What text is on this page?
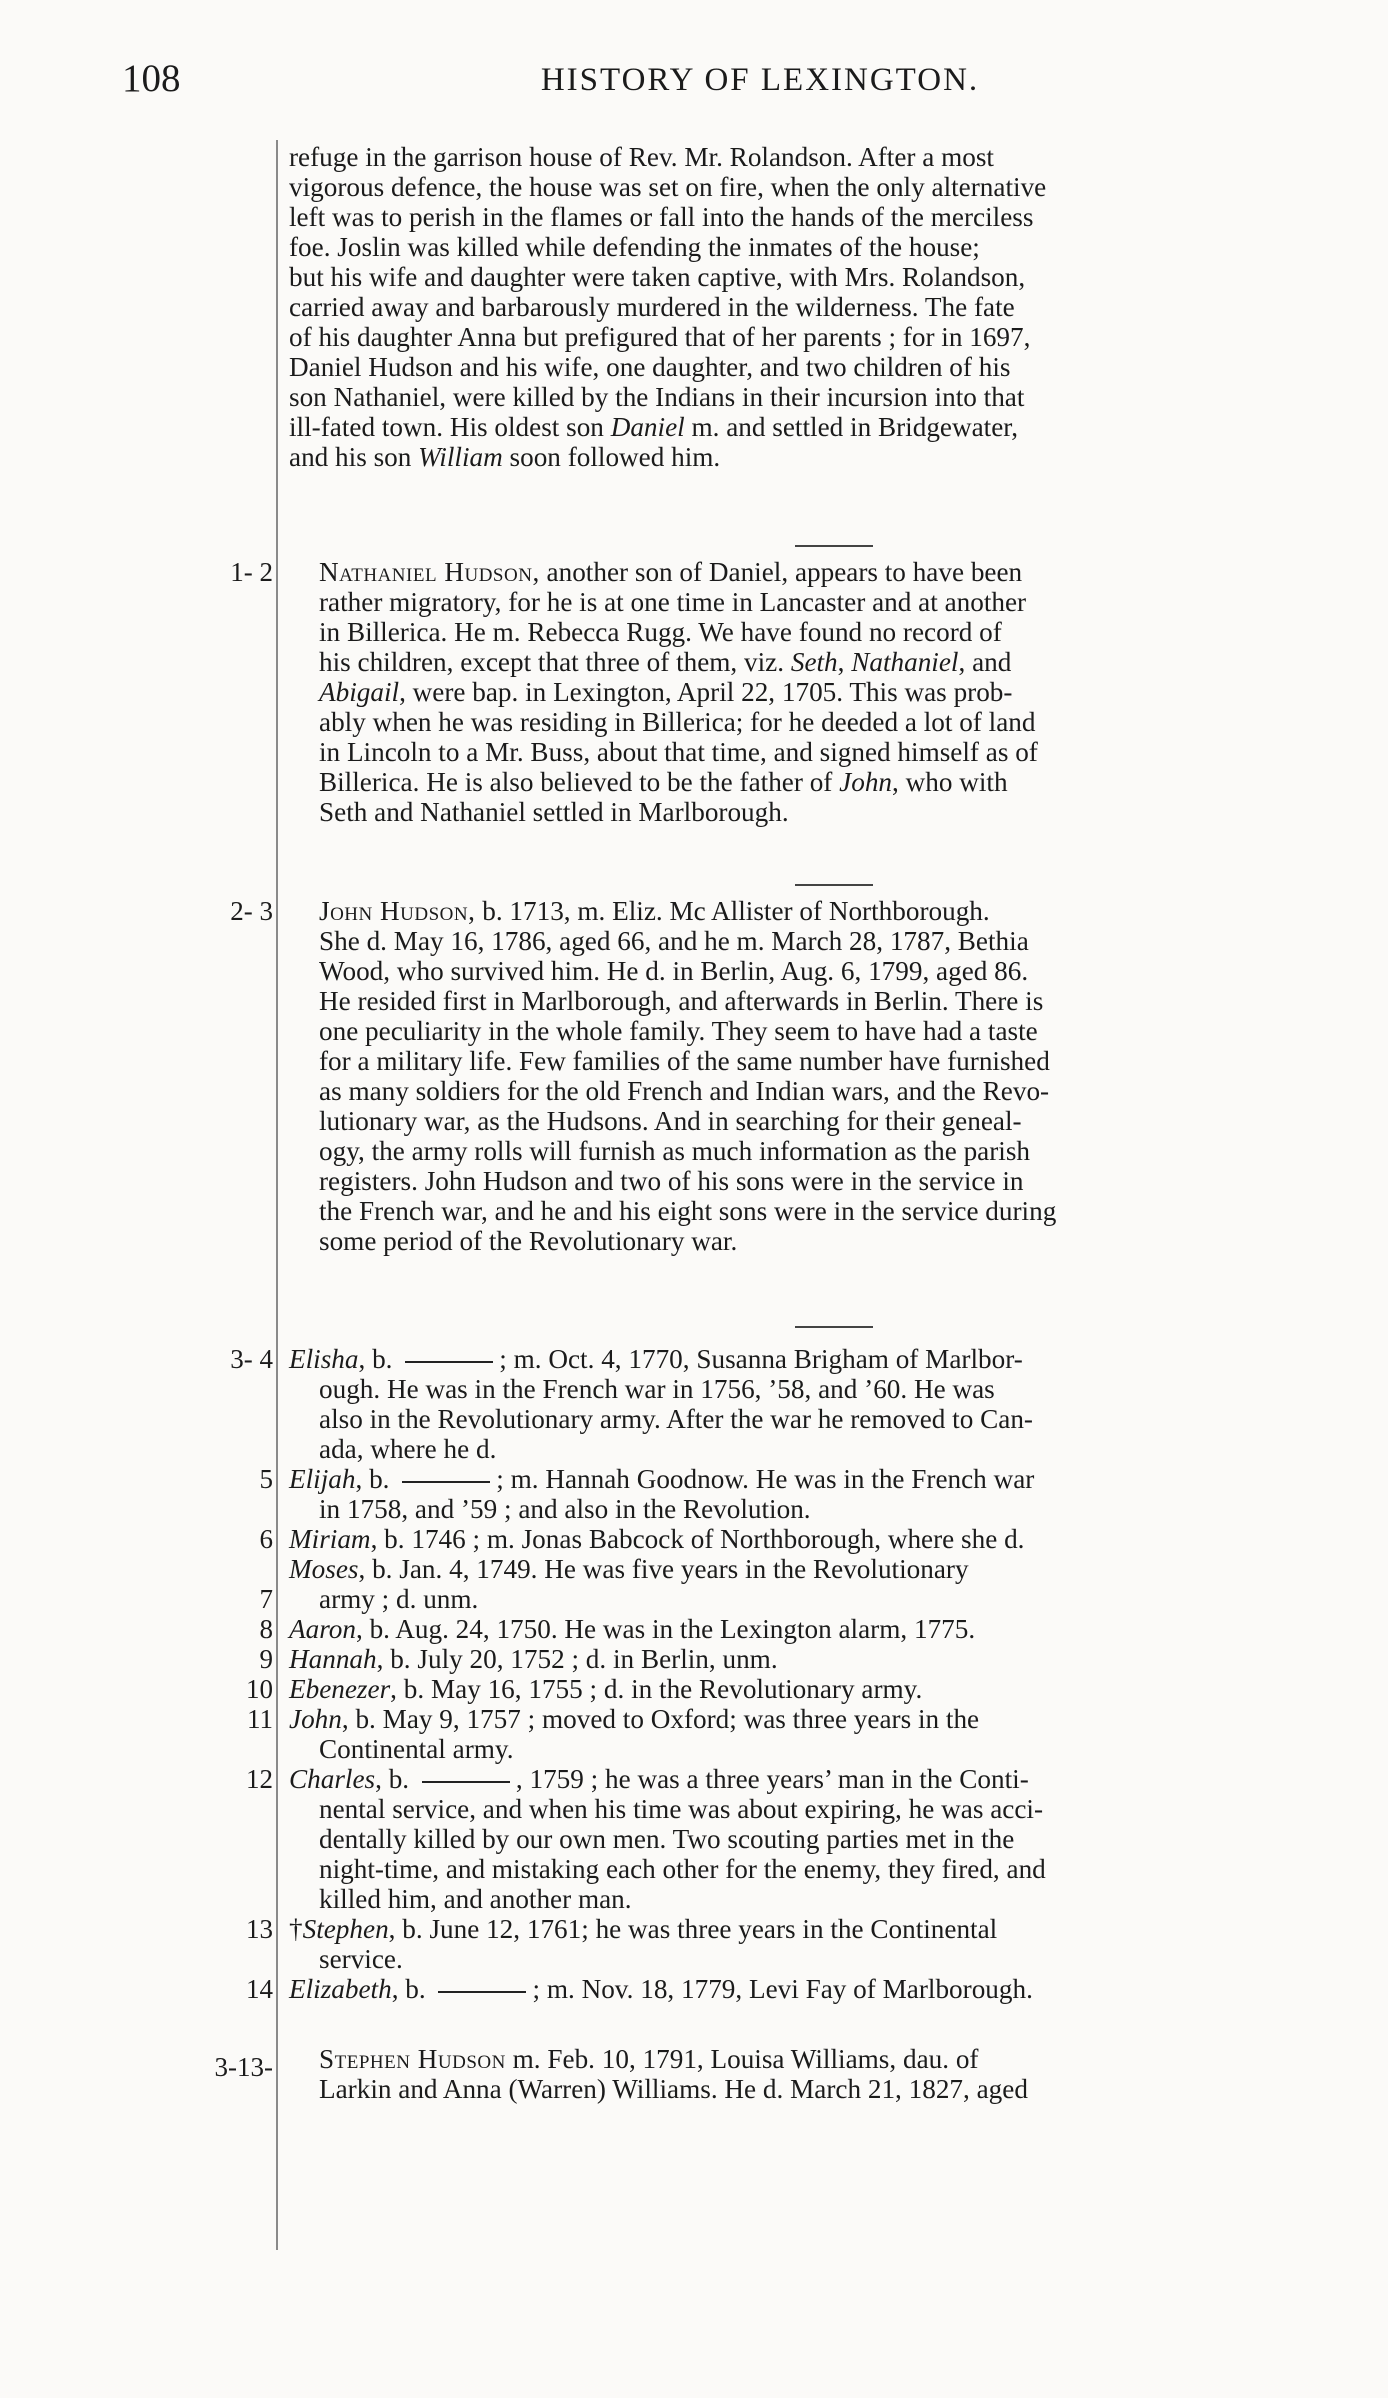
108	HISTORY OF LEXINGTON.
refuge in the garrison house of Rev. Mr. Rolandson. After a most
vigorous defence, the house was set on fire, when the only alternative
left was to perish in the flames or fall into the hands of the merciless
foe. Joslin was killed while defending the inmates of the house;
but his wife and daughter were taken captive, with Mrs. Rolandson,
carried away and barbarously murdered in the wilderness. The fate
of his daughter Anna but prefigured that of her parents ; for in 1697,
Daniel Hudson and his wife, one daughter, and two children of his
son Nathaniel, were killed by the Indians in their incursion into that
ill-fated town. His oldest son Daniel m. and settled in Bridgewater,
and his son William soon followed him.
1- 2	Nathaniel Hudson, another son of Daniel, appears to have been
rather migratory, for he is at one time in Lancaster and at another
in Billerica. He m. Rebecca Rugg. We have found no record of
his children, except that three of them, viz. Seth, Nathaniel, and
Abigail, were bap. in Lexington, April 22, 1705. This was prob-
ably when he was residing in Billerica; for he deeded a lot of land
in Lincoln to a Mr. Buss, about that time, and signed himself as of
Billerica. He is also believed to be the father of John, who with
Seth and Nathaniel settled in Marlborough.
2- 3	John Hudson, b. 1713, m. Eliz. Mc Allister of Northborough.
She d. May 16, 1786, aged 66, and he m. March 28, 1787, Bethia
Wood, who survived him. He d. in Berlin, Aug. 6, 1799, aged 86.
He resided first in Marlborough, and afterwards in Berlin. There is
one peculiarity in the whole family. They seem to have had a taste
for a military life. Few families of the same number have furnished
as many soldiers for the old French and Indian wars, and the Revo-
lutionary war, as the Hudsons. And in searching for their geneal-
ogy, the army rolls will furnish as much information as the parish
registers. John Hudson and two of his sons were in the service in
the French war, and he and his eight sons were in the service during
some period of the Revolutionary war.
3- 4 Elisha, b.	; m. Oct. 4, 1770, Susanna Brigham of Marlbor-
ough. He was in the French war in 1756, ’58, and ’60. He was
also in the Revolutionary army. After the war he removed to Can-
ada, where he d.
5 Elijah, b.	; m. Hannah Goodnow. He was in the French war
in 1758, and ’59 ; and also in the Revolution.
6 Miriam, b. 1746 ; m. Jonas Babcock of Northborough, where she d.
7
Moses, b. Jan. 4, 1749. He was five years in the Revolutionary
army ; d. unm.
8 Aaron, b. Aug. 24, 1750. He was in the Lexington alarm, 1775.
9 Hannah, b. July 20, 1752 ; d. in Berlin, unm.
10 Ebenezer, b. May 16, 1755 ; d. in the Revolutionary army.
11 John, b. May 9, 1757 ; moved to Oxford; was three years in the
Continental army.
12 Charles, b.	, 1759 ; he was a three years’ man in the Conti-
nental service, and when his time was about expiring, he was acci-
dentally killed by our own men. Two scouting parties met in the
night-time, and mistaking each other for the enemy, they fired, and
killed him, and another man.
13 †Stephen, b. June 12, 1761; he was three years in the Continental
service.
14 Elizabeth, b.	; m. Nov. 18, 1779, Levi Fay of Marlborough.
3-13-	Stephen Hudson m. Feb. 10, 1791, Louisa Williams, dau. of
Larkin and Anna (Warren) Williams. He d. March 21, 1827, aged
